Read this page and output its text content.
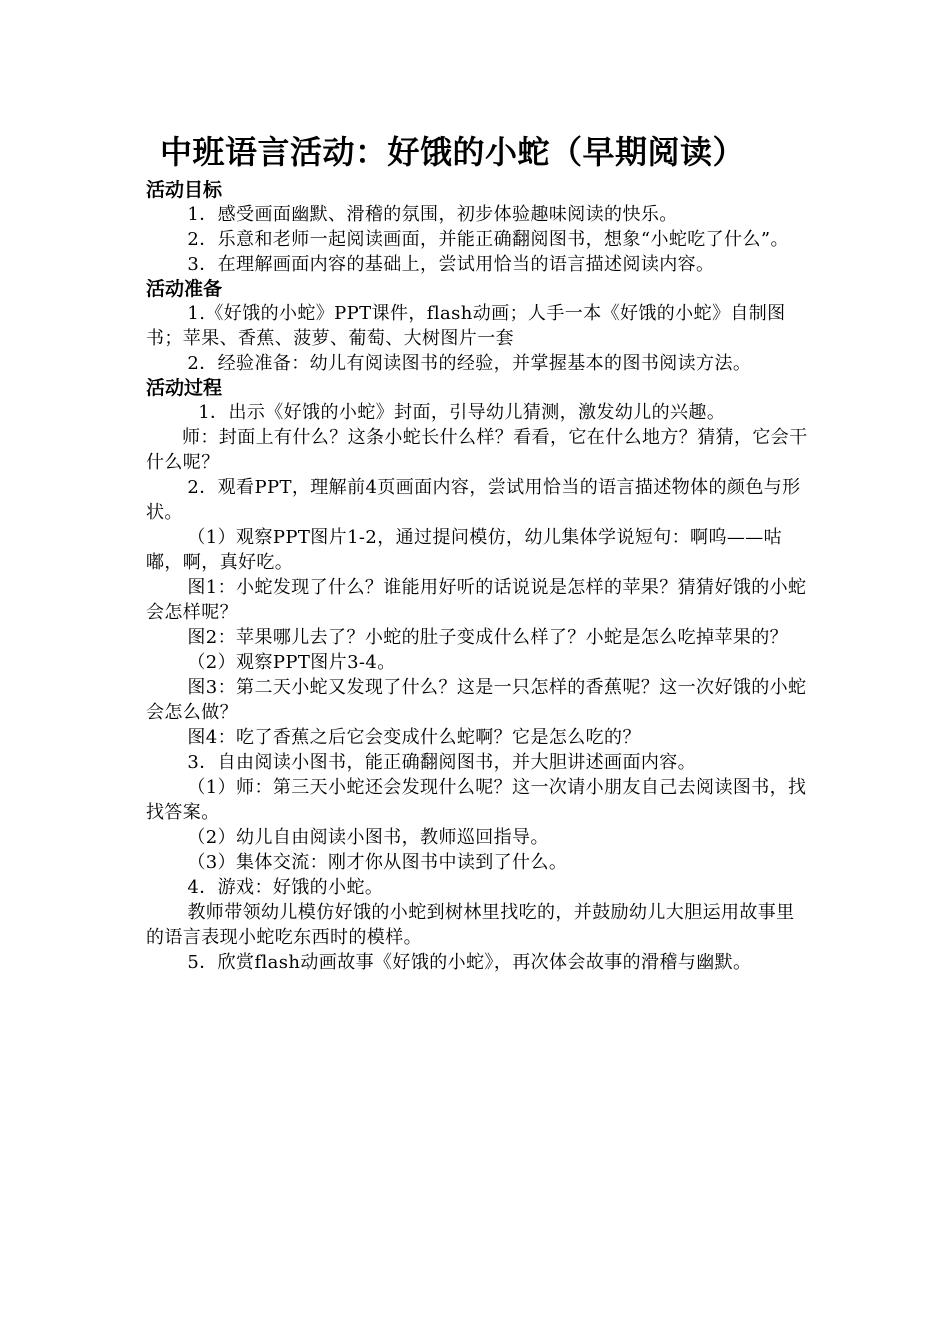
中班语言活动：好饿的小蛇（早期阅读）

活动目标

1．感受画面幽默、滑稽的氛围，初步体验趣味阅读的快乐。

2．乐意和老师一起阅读画面，并能正确翻阅图书，想象“小蛇吃了什么”。

3．在理解画面内容的基础上，尝试用恰当的语言描述阅读内容。

活动准备

1.《好饿的小蛇》PPT课件，flash动画；人手一本《好饿的小蛇》自制图书；苹果、香蕉、菠萝、葡萄、大树图片一套

2．经验准备：幼儿有阅读图书的经验，并掌握基本的图书阅读方法。

活动过程

1．出示《好饿的小蛇》封面，引导幼儿猜测，激发幼儿的兴趣。

师：封面上有什么？这条小蛇长什么样？看看，它在什么地方？猜猜，它会干什么呢？

2．观看PPT，理解前4页画面内容，尝试用恰当的语言描述物体的颜色与形状。

（1）观察PPT图片1-2，通过提问模仿，幼儿集体学说短句：啊呜——咕嘟，啊，真好吃。

图1：小蛇发现了什么？谁能用好听的话说说是怎样的苹果？猜猜好饿的小蛇会怎样呢？

图2：苹果哪儿去了？小蛇的肚子变成什么样了？小蛇是怎么吃掉苹果的？

（2）观察PPT图片3-4。

图3：第二天小蛇又发现了什么？这是一只怎样的香蕉呢？这一次好饿的小蛇会怎么做？

图4：吃了香蕉之后它会变成什么蛇啊？它是怎么吃的？

3．自由阅读小图书，能正确翻阅图书，并大胆讲述画面内容。

（1）师：第三天小蛇还会发现什么呢？这一次请小朋友自己去阅读图书，找找答案。

（2）幼儿自由阅读小图书，教师巡回指导。

（3）集体交流：刚才你从图书中读到了什么。

4．游戏：好饿的小蛇。

教师带领幼儿模仿好饿的小蛇到树林里找吃的，并鼓励幼儿大胆运用故事里的语言表现小蛇吃东西时的模样。

5．欣赏flash动画故事《好饿的小蛇》，再次体会故事的滑稽与幽默。
